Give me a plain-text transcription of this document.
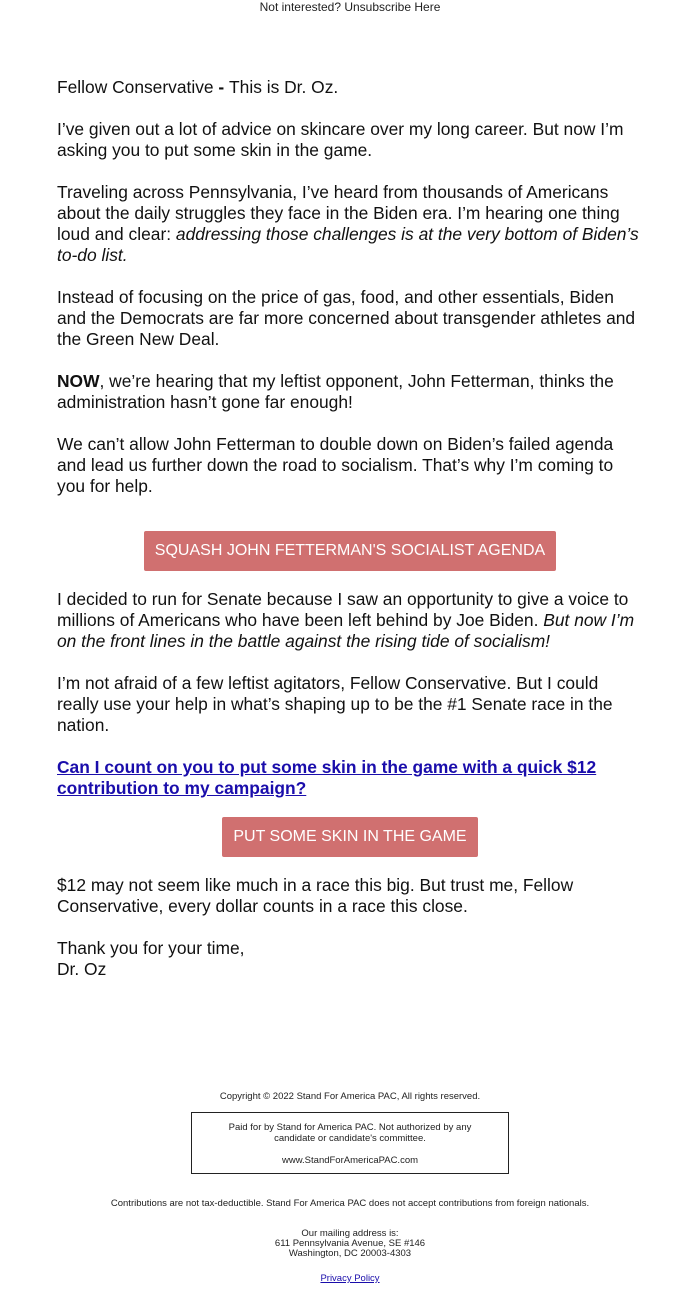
Not interested? Unsubscribe Here

Fellow Conservative - This is Dr. Oz.

I’ve given out a lot of advice on skincare over my long career. But now I’m asking you to put some skin in the game.

Traveling across Pennsylvania, I’ve heard from thousands of Americans about the daily struggles they face in the Biden era. I’m hearing one thing loud and clear: addressing those challenges is at the very bottom of Biden’s to-do list.

Instead of focusing on the price of gas, food, and other essentials, Biden and the Democrats are far more concerned about transgender athletes and the Green New Deal.

NOW, we’re hearing that my leftist opponent, John Fetterman, thinks the administration hasn’t gone far enough!

We can’t allow John Fetterman to double down on Biden’s failed agenda and lead us further down the road to socialism. That’s why I’m coming to you for help.

I decided to run for Senate because I saw an opportunity to give a voice to millions of Americans who have been left behind by Joe Biden. But now I’m on the front lines in the battle against the rising tide of socialism!

I’m not afraid of a few leftist agitators, Fellow Conservative. But I could really use your help in what’s shaping up to be the #1 Senate race in the nation.

Can I count on you to put some skin in the game with a quick $12 contribution to my campaign?

$12 may not seem like much in a race this big. But trust me, Fellow Conservative, every dollar counts in a race this close.

Thank you for your time,

Dr. Oz

SQUASH JOHN FETTERMAN'S SOCIALIST AGENDA
PUT SOME SKIN IN THE GAME
Copyright © 2022 Stand For America PAC, All rights reserved.
Paid for by Stand for America PAC. Not authorized by any
candidate or candidate's committee.
www.StandForAmericaPAC.com
Contributions are not tax-deductible. Stand For America PAC does not accept contributions from foreign nationals.
Our mailing address is:
611 Pennsylvania Avenue, SE #146
Washington, DC 20003-4303
Privacy Policy
